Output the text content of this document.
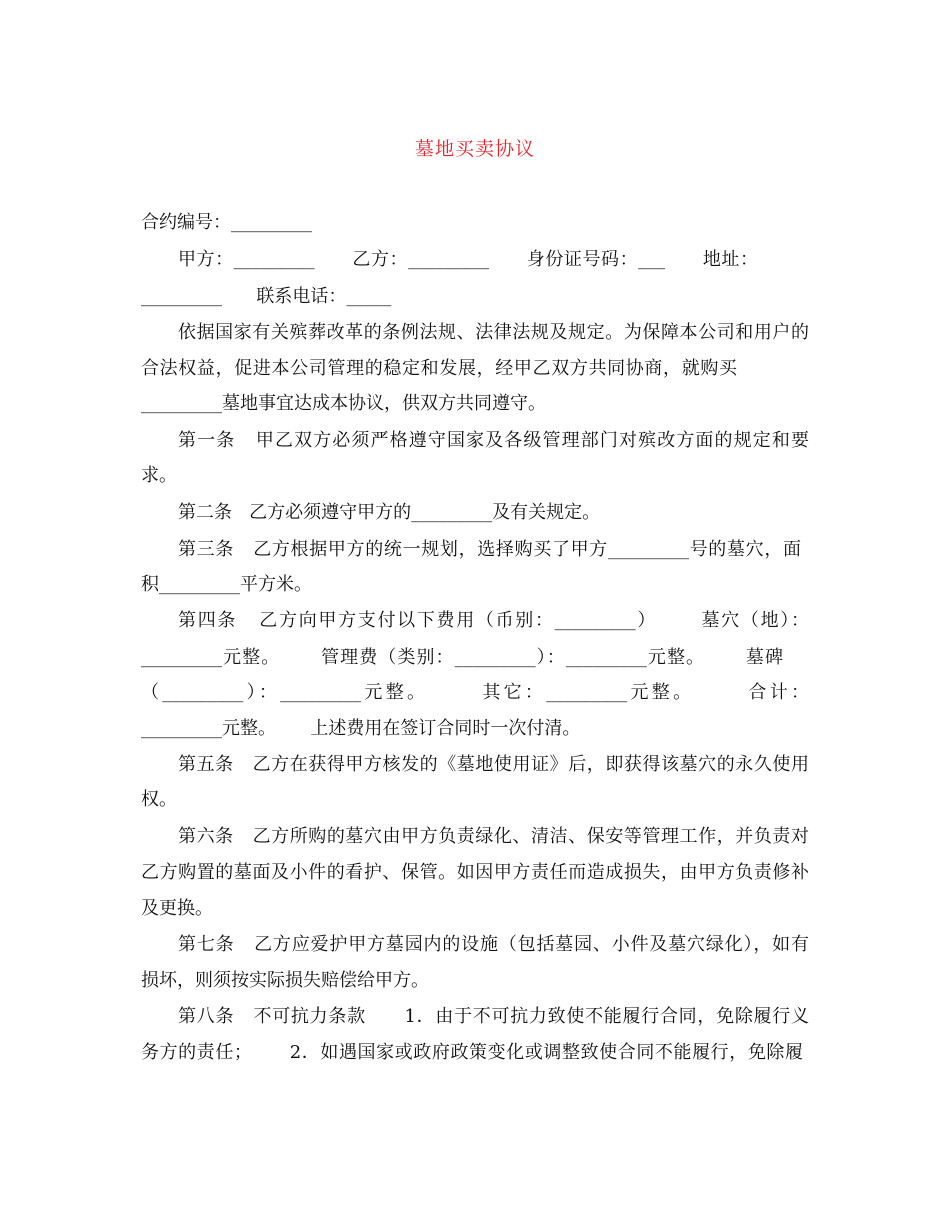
墓地买卖协议
合约编号：_________
甲方：_________      乙方：_________      身份证号码：___      地址：
_________      联系电话：_____
依据国家有关殡葬改革的条例法规、法律法规及规定。为保障本公司和用户的
合法权益，促进本公司管理的稳定和发展，经甲乙双方共同协商，就购买
_________墓地事宜达成本协议，供双方共同遵守。
第一条   甲乙双方必须严格遵守国家及各级管理部门对殡改方面的规定和要
求。
第二条   乙方必须遵守甲方的_________及有关规定。
第三条   乙方根据甲方的统一规划，选择购买了甲方_________号的墓穴，面
积_________平方米。
第四条   乙方向甲方支付以下费用（币别：_________）      墓穴（地）：
_________元整。      管理费（类别：_________）：_________元整。      墓碑
（_________）：_________元整。      其它：_________元整。      合计：
_________元整。      上述费用在签订合同时一次付清。
第五条   乙方在获得甲方核发的《墓地使用证》后，即获得该墓穴的永久使用
权。
第六条   乙方所购的墓穴由甲方负责绿化、清洁、保安等管理工作，并负责对
乙方购置的墓面及小件的看护、保管。如因甲方责任而造成损失，由甲方负责修补
及更换。
第七条   乙方应爱护甲方墓园内的设施（包括墓园、小件及墓穴绿化），如有
损坏，则须按实际损失赔偿给甲方。
第八条   不可抗力条款      1．由于不可抗力致使不能履行合同，免除履行义
务方的责任；      2．如遇国家或政府政策变化或调整致使合同不能履行，免除履
